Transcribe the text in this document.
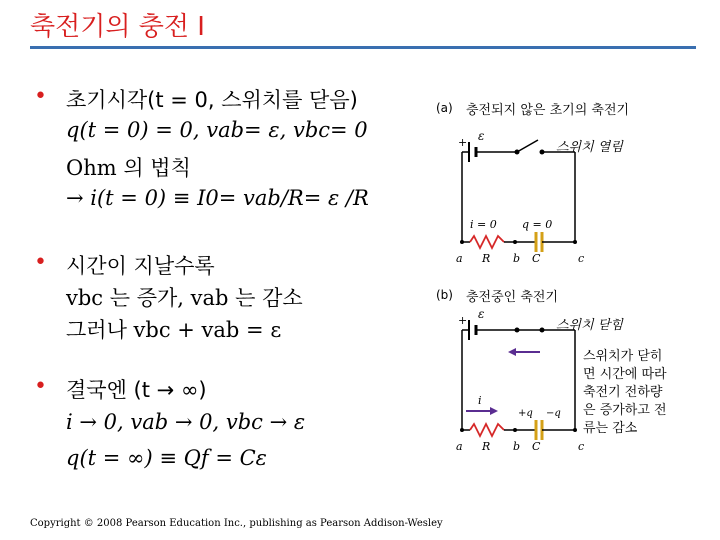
축전기의 충전 I
• 초기시각(t = 0, 스위치를 닫음)
q(t = 0) = 0, vab= ε, vbc= 0
Ohm 의 법칙
→ i(t = 0) ≡ I0= vab/R= ε /R
• 시간이 지날수록
vbc 는 증가, vab 는 감소
그러나 vbc + vab = ε
• 결국엔 (t → ∞)
i → 0, vab → 0, vbc → ε
q(t = ∞) ≡ Qf = Cε
Copyright © 2008 Pearson Education Inc., publishing as Pearson Addison-Wesley
ε
+
i = 0 q = 0
a R b C	c
ε
+
i
+q −q
a R b C	c
(a) 충전되지 않은 초기의 축전기
스위치 열림
(b) 충전중인 축전기
스위치 닫힘
스위치가 닫히
면 시간에 따라
축전기 전하량
은 증가하고 전
류는 감소
